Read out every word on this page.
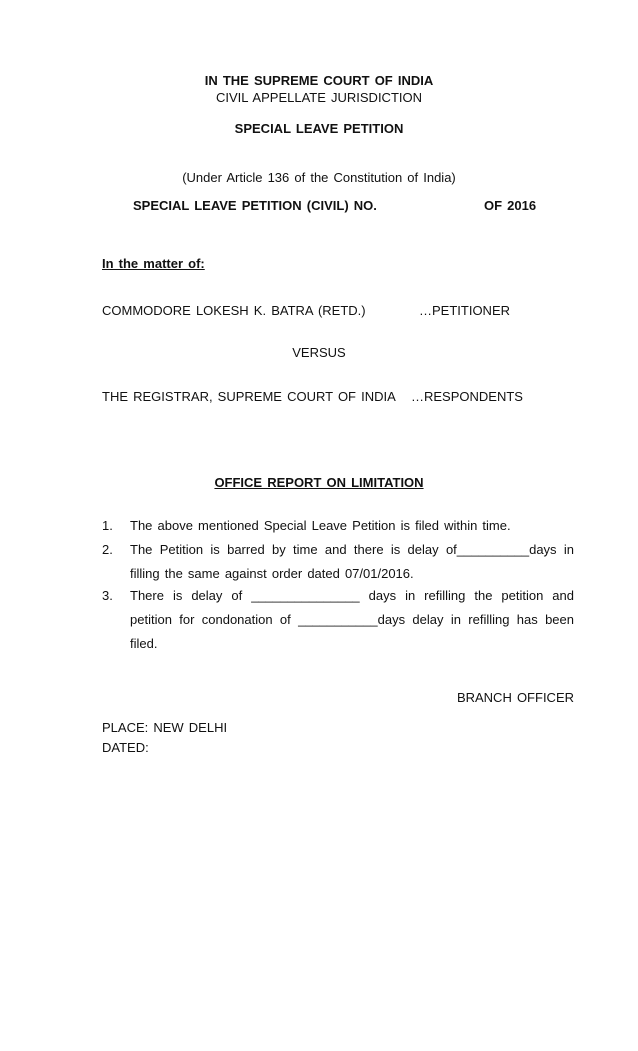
IN THE SUPREME COURT OF INDIA
CIVIL APPELLATE JURISDICTION
SPECIAL LEAVE PETITION
(Under Article 136 of the Constitution of India)
SPECIAL LEAVE PETITION (CIVIL) NO.	OF 2016
In the matter of:
COMMODORE LOKESH K. BATRA (RETD.)	…PETITIONER
VERSUS
THE REGISTRAR, SUPREME COURT OF INDIA …RESPONDENTS
OFFICE REPORT ON LIMITATION
1. The above mentioned Special Leave Petition is filed within time.
2. The Petition is barred by time and there is delay of__________days in
filling the same against order dated 07/01/2016.
3. There is delay of _______________ days in refilling the petition and
petition for condonation of ___________days delay in refilling has been
filed.
BRANCH OFFICER
PLACE: NEW DELHI
DATED:
